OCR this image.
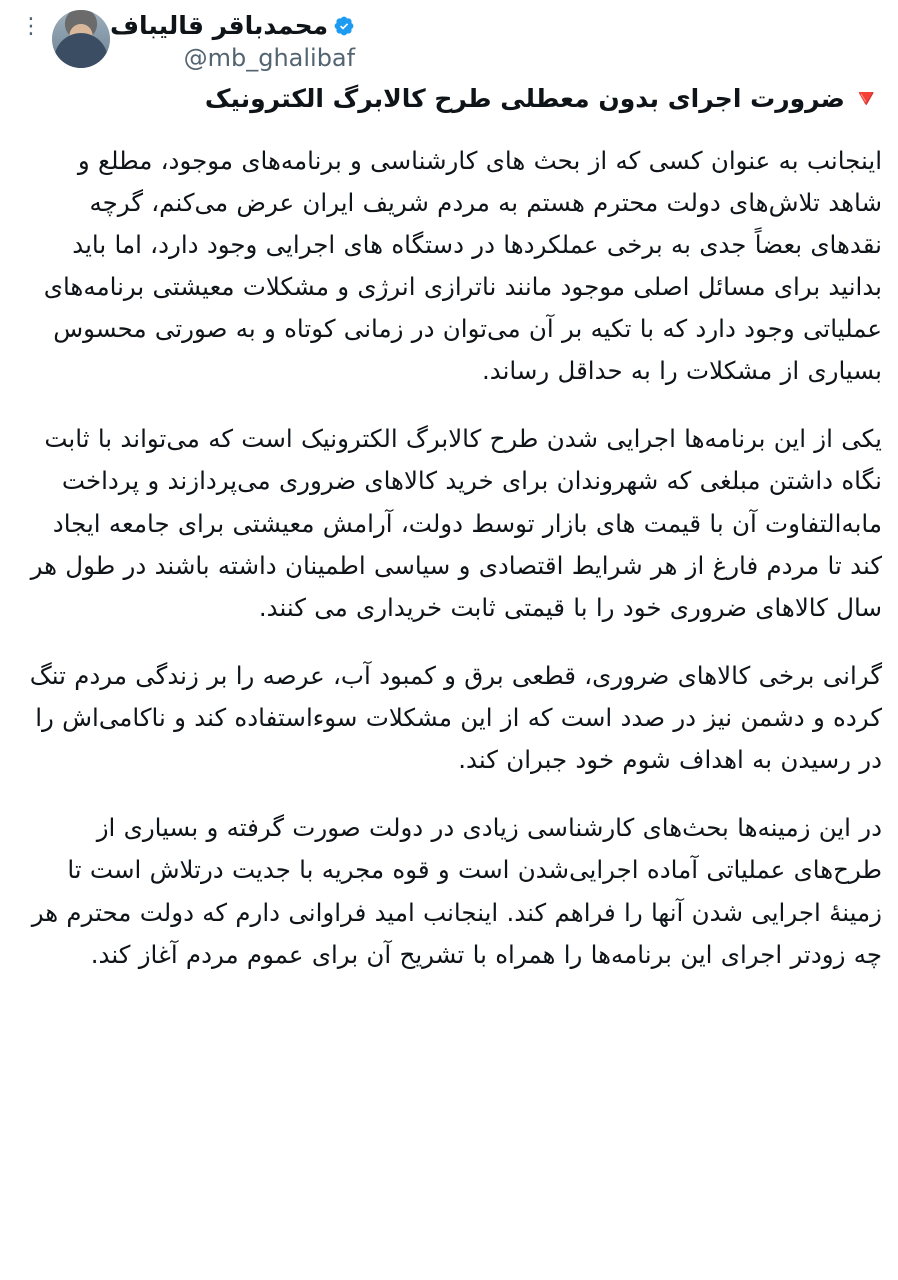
⋮	محمدباقر قالیباف
@mb_ghalibaf
🔻ضرورت اجرای بدون معطلی طرح کالابرگ الکترونیک

اینجانب به عنوان کسی که از بحث های کارشناسی و برنامه‌های موجود، مطلع و شاهد تلاش‌های دولت محترم هستم به مردم شریف ایران عرض می‌کنم، گرچه نقدهای بعضاً جدی به برخی عملکردها در دستگاه های اجرایی وجود دارد، اما باید بدانید برای مسائل اصلی موجود مانند ناترازی انرژی و مشکلات معیشتی برنامه‌های عملیاتی وجود دارد که با تکیه بر آن می‌توان در زمانی کوتاه و به صورتی محسوس بسیاری از مشکلات را به حداقل رساند.

یکی از این برنامه‌ها اجرایی شدن طرح کالابرگ الکترونیک است که می‌تواند با ثابت نگاه داشتن مبلغی که شهروندان برای خرید کالاهای ضروری می‌پردازند و پرداخت مابه‌التفاوت آن با قیمت های بازار توسط دولت، آرامش معیشتی برای جامعه ایجاد کند تا مردم فارغ از هر شرایط اقتصادی و سیاسی اطمینان داشته باشند در طول هر سال کالاهای ضروری خود را با قیمتی ثابت خریداری می کنند.

گرانی برخی کالاهای ضروری، قطعی برق و کمبود آب، عرصه را بر زندگی مردم تنگ کرده و دشمن نیز در صدد است که از این مشکلات سوءاستفاده کند و ناکامی‌اش را در رسیدن به اهداف شوم خود جبران کند.

در این زمینه‌ها بحث‌های کارشناسی زیادی در دولت صورت گرفته و بسیاری از طرح‌های عملیاتی آماده اجرایی‌شدن است و قوه مجریه با جدیت درتلاش است تا زمینهٔ اجرایی شدن آنها را فراهم کند. اینجانب امید فراوانی دارم که دولت محترم هر چه زودتر اجرای این برنامه‌ها را همراه با تشریح آن برای عموم مردم آغاز کند.
